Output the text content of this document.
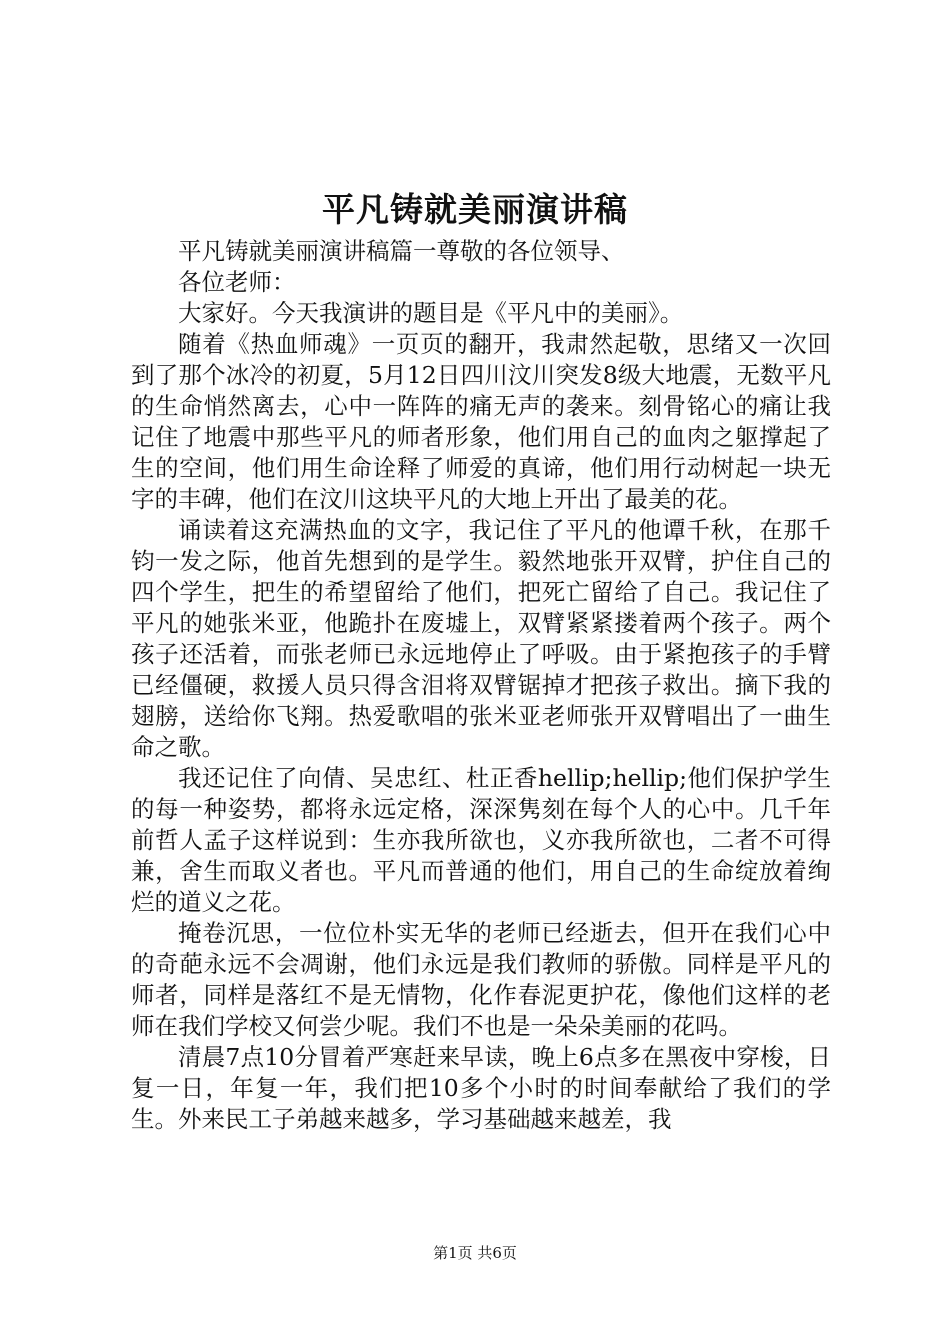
平凡铸就美丽演讲稿

平凡铸就美丽演讲稿篇一尊敬的各位领导、

各位老师：

大家好。今天我演讲的题目是《平凡中的美丽》。

随着《热血师魂》一页页的翻开，我肃然起敬，思绪又一次回到了那个冰冷的初夏，5月12日四川汶川突发8级大地震，无数平凡的生命悄然离去，心中一阵阵的痛无声的袭来。刻骨铭心的痛让我记住了地震中那些平凡的师者形象，他们用自己的血肉之躯撑起了生的空间，他们用生命诠释了师爱的真谛，他们用行动树起一块无字的丰碑，他们在汶川这块平凡的大地上开出了最美的花。

诵读着这充满热血的文字，我记住了平凡的他谭千秋，在那千钧一发之际，他首先想到的是学生。毅然地张开双臂，护住自己的四个学生，把生的希望留给了他们，把死亡留给了自己。我记住了平凡的她张米亚，他跪扑在废墟上，双臂紧紧搂着两个孩子。两个孩子还活着，而张老师已永远地停止了呼吸。由于紧抱孩子的手臂已经僵硬，救援人员只得含泪将双臂锯掉才把孩子救出。摘下我的翅膀，送给你飞翔。热爱歌唱的张米亚老师张开双臂唱出了一曲生命之歌。

我还记住了向倩、吴忠红、杜正香hellip;hellip;他们保护学生的每一种姿势，都将永远定格，深深隽刻在每个人的心中。几千年前哲人孟子这样说到：生亦我所欲也，义亦我所欲也，二者不可得兼，舍生而取义者也。平凡而普通的他们，用自己的生命绽放着绚烂的道义之花。

掩卷沉思，一位位朴实无华的老师已经逝去，但开在我们心中的奇葩永远不会凋谢，他们永远是我们教师的骄傲。同样是平凡的师者，同样是落红不是无情物，化作春泥更护花，像他们这样的老师在我们学校又何尝少呢。我们不也是一朵朵美丽的花吗。

清晨7点10分冒着严寒赶来早读，晚上6点多在黑夜中穿梭，日复一日，年复一年，我们把10多个小时的时间奉献给了我们的学生。外来民工子弟越来越多，学习基础越来越差，我

第1页 共6页
